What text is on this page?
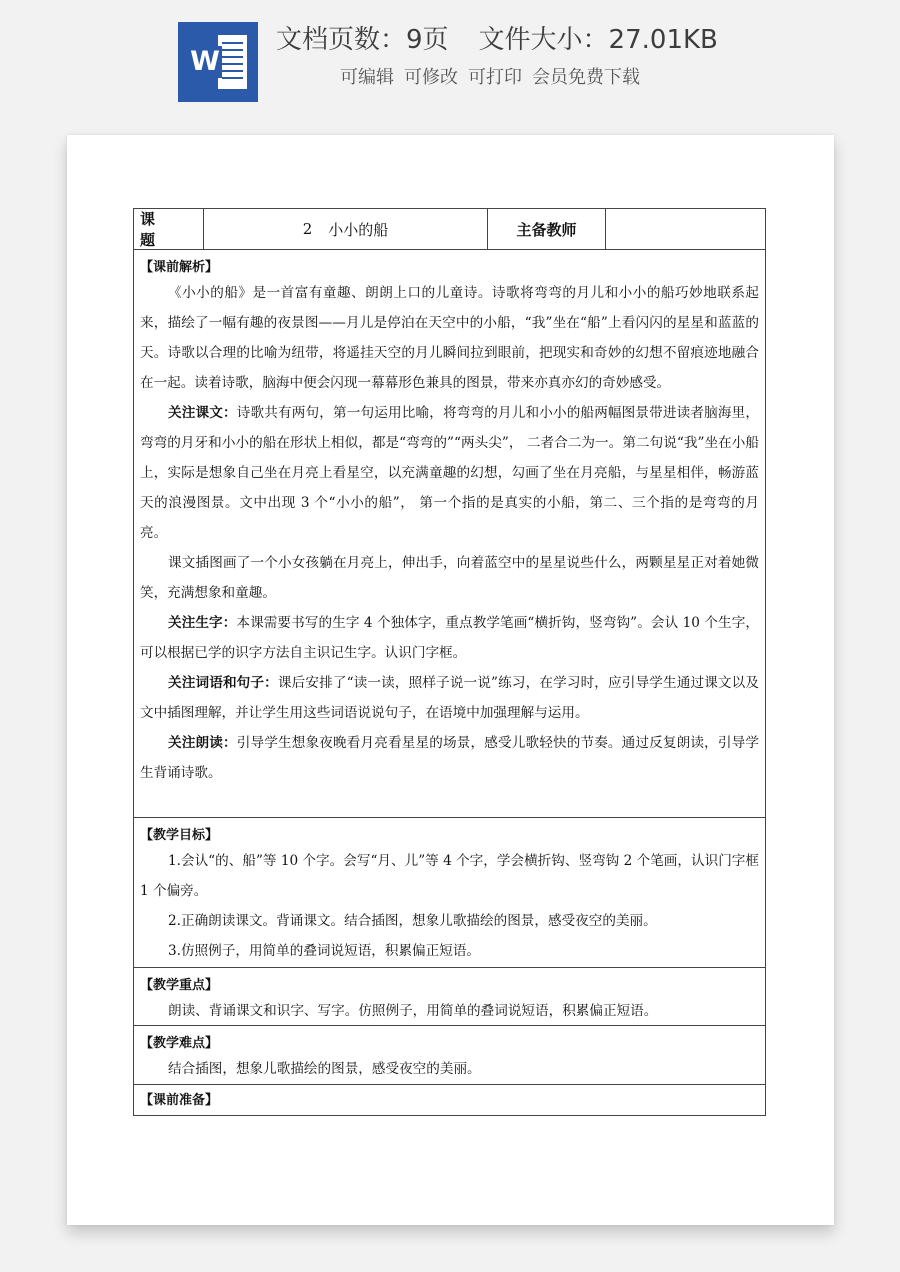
W
文档页数：9页 文件大小：27.01KB
可编辑 可修改 可打印 会员免费下载
课 题
2 小小的船	主备教师

【课前解析】

《小小的船》是一首富有童趣、朗朗上口的儿童诗。诗歌将弯弯的月儿和小小的船巧妙地联系起来，描绘了一幅有趣的夜景图——月儿是停泊在天空中的小船，“我”坐在“船”上看闪闪的星星和蓝蓝的天。诗歌以合理的比喻为纽带，将遥挂天空的月儿瞬间拉到眼前，把现实和奇妙的幻想不留痕迹地融合在一起。读着诗歌，脑海中便会闪现一幕幕形色兼具的图景，带来亦真亦幻的奇妙感受。

关注课文：诗歌共有两句，第一句运用比喻，将弯弯的月儿和小小的船两幅图景带进读者脑海里，弯弯的月牙和小小的船在形状上相似，都是“弯弯的”“两头尖”， 二者合二为一。第二句说“我”坐在小船上，实际是想象自己坐在月亮上看星空，以充满童趣的幻想，勾画了坐在月亮船，与星星相伴，畅游蓝天的浪漫图景。文中出现 3 个“小小的船”， 第一个指的是真实的小船，第二、三个指的是弯弯的月亮。

课文插图画了一个小女孩躺在月亮上，伸出手，向着蓝空中的星星说些什么，两颗星星正对着她微笑，充满想象和童趣。

关注生字：本课需要书写的生字 4 个独体字，重点教学笔画“横折钩，竖弯钩”。会认 10 个生字，可以根据已学的识字方法自主识记生字。认识门字框。

关注词语和句子：课后安排了“读一读，照样子说一说”练习，在学习时，应引导学生通过课文以及文中插图理解，并让学生用这些词语说说句子，在语境中加强理解与运用。

关注朗读：引导学生想象夜晚看月亮看星星的场景，感受儿歌轻快的节奏。通过反复朗读，引导学生背诵诗歌。

【教学目标】

1.会认“的、船”等 10 个字。会写“月、儿”等 4 个字，学会横折钩、竖弯钩 2 个笔画，认识门字框 1 个偏旁。

2.正确朗读课文。背诵课文。结合插图，想象儿歌描绘的图景，感受夜空的美丽。

3.仿照例子，用简单的叠词说短语，积累偏正短语。

【教学重点】

朗读、背诵课文和识字、写字。仿照例子，用简单的叠词说短语，积累偏正短语。

【教学难点】

结合插图，想象儿歌描绘的图景，感受夜空的美丽。

【课前准备】
